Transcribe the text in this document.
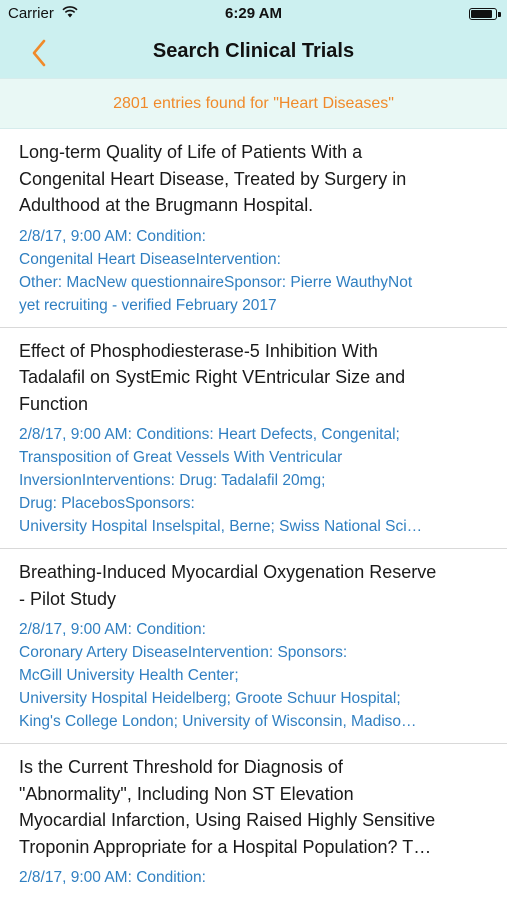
Carrier	6:29 AM
Search Clinical Trials
2801 entries found for "Heart Diseases"
Long-term Quality of Life of Patients With a
Congenital Heart Disease, Treated by Surgery in
Adulthood at the Brugmann Hospital.
2/8/17, 9:00 AM: Condition:
Congenital Heart DiseaseIntervention:
Other: MacNew questionnaireSponsor: Pierre WauthyNot
yet recruiting - verified February 2017
Effect of Phosphodiesterase-5 Inhibition With
Tadalafil on SystEmic Right VEntricular Size and
Function
2/8/17, 9:00 AM: Conditions: Heart Defects, Congenital;
Transposition of Great Vessels With Ventricular
InversionInterventions: Drug: Tadalafil 20mg;
Drug: PlacebosSponsors:
University Hospital Inselspital, Berne; Swiss National Sci…
Breathing-Induced Myocardial Oxygenation Reserve
- Pilot Study
2/8/17, 9:00 AM: Condition:
Coronary Artery DiseaseIntervention: Sponsors:
McGill University Health Center;
University Hospital Heidelberg; Groote Schuur Hospital;
King's College London; University of Wisconsin, Madiso…
Is the Current Threshold for Diagnosis of
"Abnormality", Including Non ST Elevation
Myocardial Infarction, Using Raised Highly Sensitive
Troponin Appropriate for a Hospital Population? T…
2/8/17, 9:00 AM: Condition:
